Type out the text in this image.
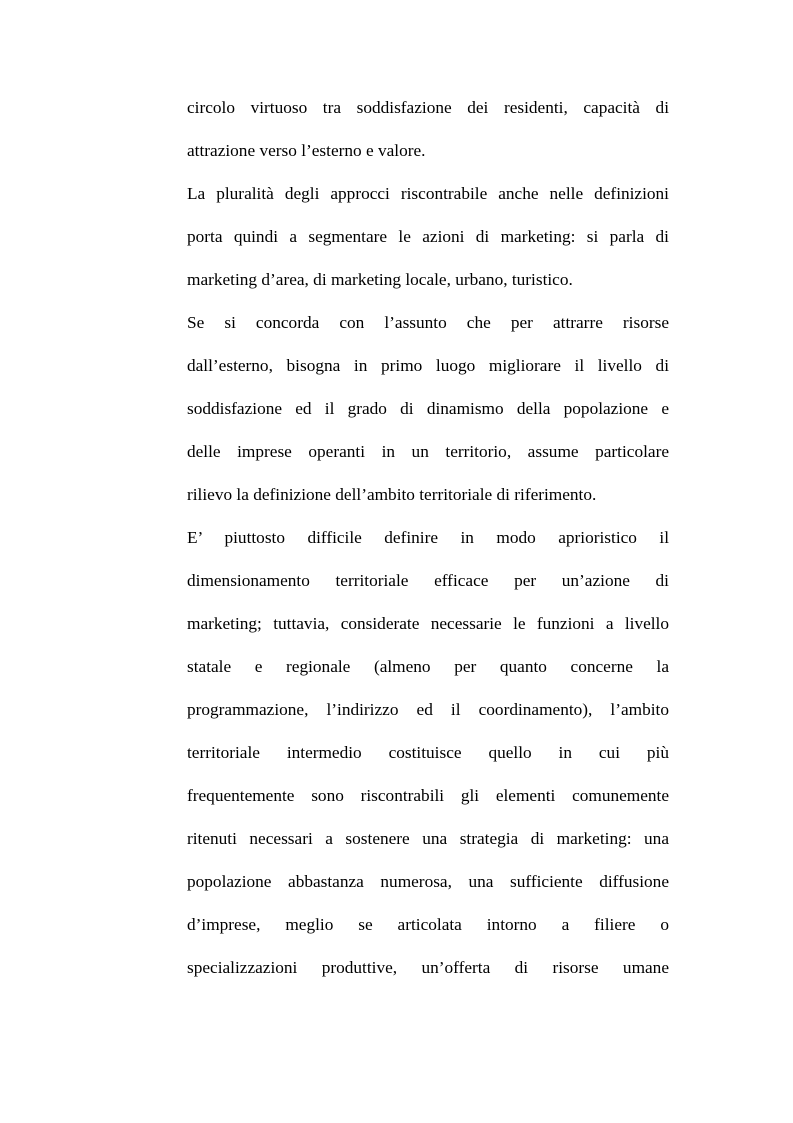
circolo virtuoso tra soddisfazione dei residenti, capacità di
attrazione verso l’esterno e valore.
La pluralità degli approcci riscontrabile anche nelle definizioni
porta quindi a segmentare le azioni di marketing: si parla di
marketing d’area, di marketing locale, urbano, turistico.
Se si concorda con l’assunto che per attrarre risorse
dall’esterno, bisogna in primo luogo migliorare il livello di
soddisfazione ed il grado di dinamismo della popolazione e
delle imprese operanti in un territorio, assume particolare
rilievo la definizione dell’ambito territoriale di riferimento.
E’ piuttosto difficile definire in modo aprioristico il
dimensionamento territoriale efficace per un’azione di
marketing; tuttavia, considerate necessarie le funzioni a livello
statale e regionale (almeno per quanto concerne la
programmazione, l’indirizzo ed il coordinamento), l’ambito
territoriale intermedio costituisce quello in cui più
frequentemente sono riscontrabili gli elementi comunemente
ritenuti necessari a sostenere una strategia di marketing: una
popolazione abbastanza numerosa, una sufficiente diffusione
d’imprese, meglio se articolata intorno a filiere o
specializzazioni produttive, un’offerta di risorse umane
